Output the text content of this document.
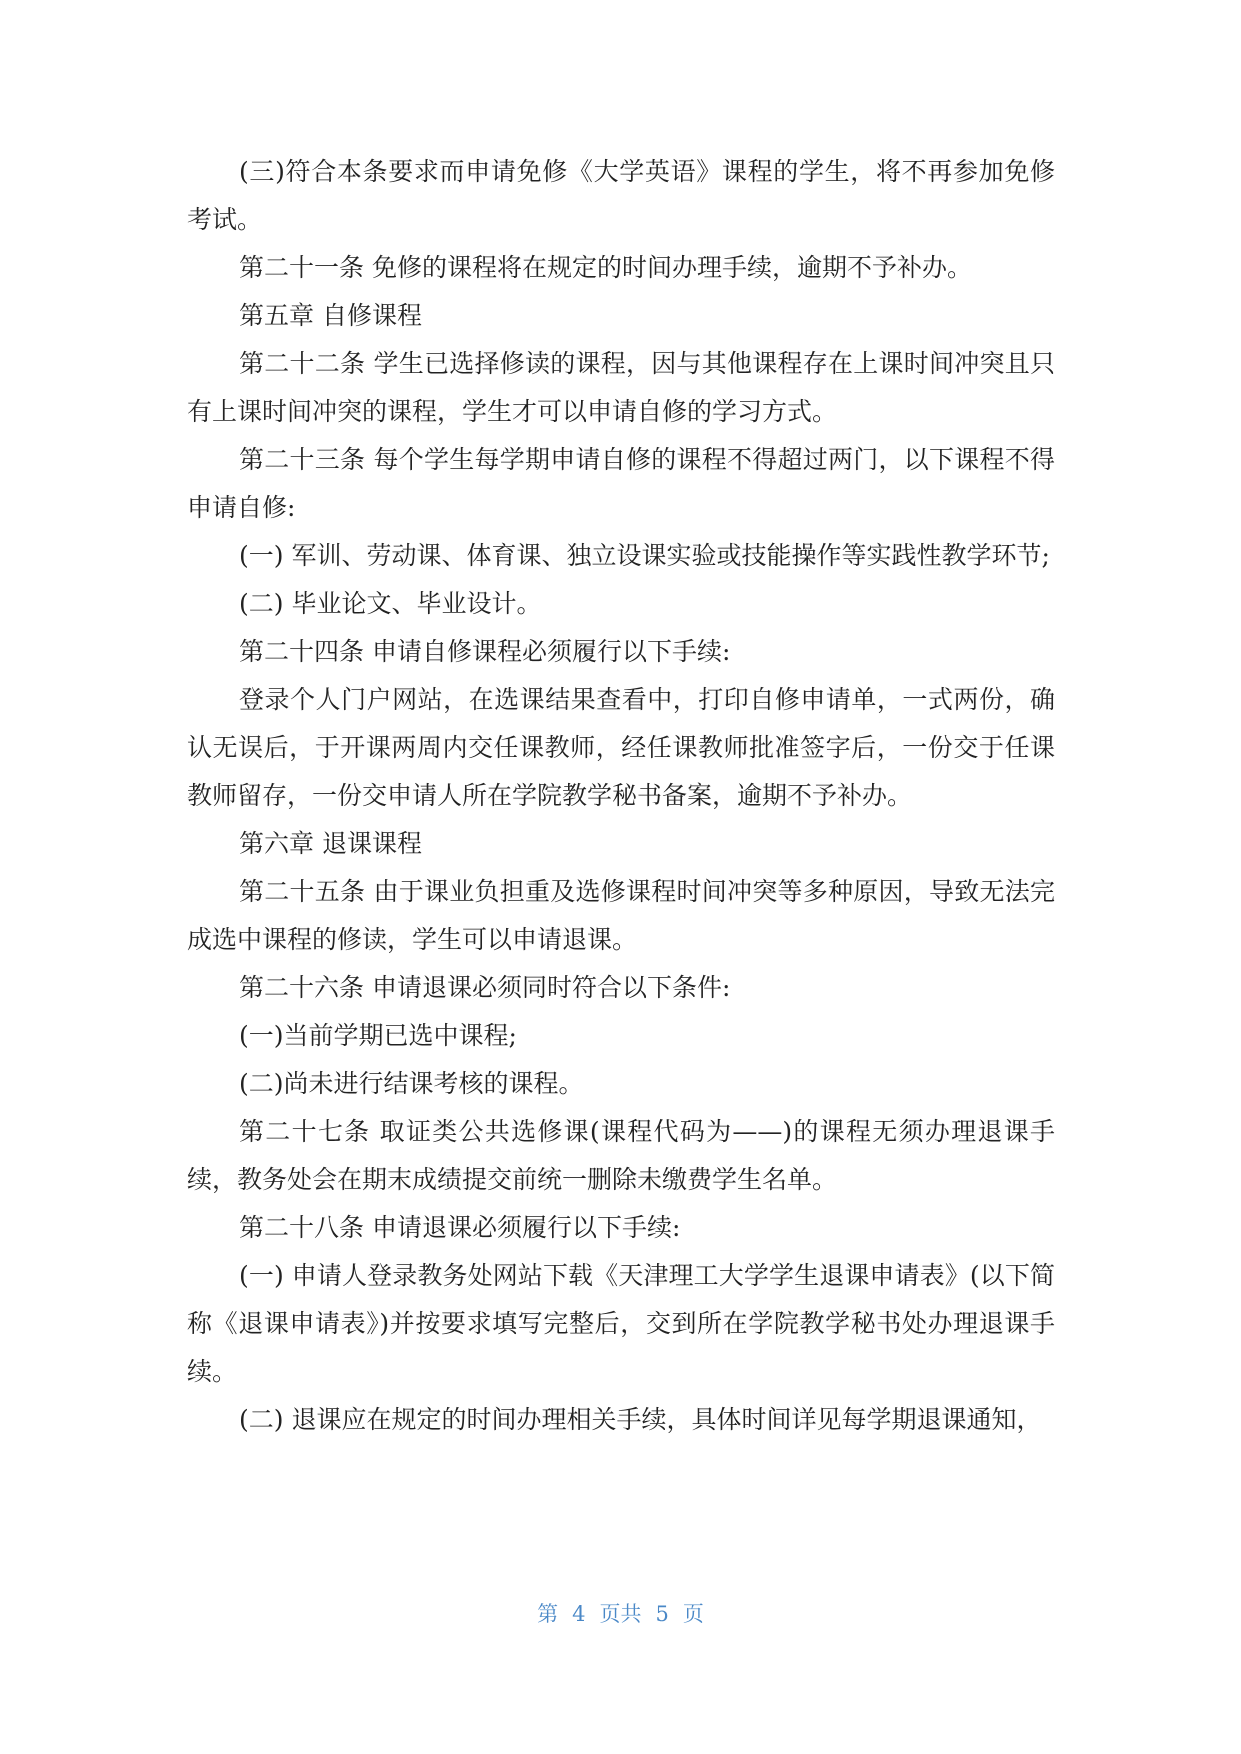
(三)符合本条要求而申请免修《大学英语》课程的学生，将不再参加免修考试。

第二十一条 免修的课程将在规定的时间办理手续，逾期不予补办。

第五章 自修课程

第二十二条 学生已选择修读的课程，因与其他课程存在上课时间冲突且只有上课时间冲突的课程，学生才可以申请自修的学习方式。

第二十三条 每个学生每学期申请自修的课程不得超过两门，以下课程不得申请自修:

(一) 军训、劳动课、体育课、独立设课实验或技能操作等实践性教学环节;

(二) 毕业论文、毕业设计。

第二十四条 申请自修课程必须履行以下手续:

登录个人门户网站，在选课结果查看中，打印自修申请单，一式两份，确认无误后，于开课两周内交任课教师，经任课教师批准签字后，一份交于任课教师留存，一份交申请人所在学院教学秘书备案，逾期不予补办。

第六章 退课课程

第二十五条 由于课业负担重及选修课程时间冲突等多种原因，导致无法完成选中课程的修读，学生可以申请退课。

第二十六条 申请退课必须同时符合以下条件:

(一)当前学期已选中课程;

(二)尚未进行结课考核的课程。

第二十七条 取证类公共选修课(课程代码为——)的课程无须办理退课手续，教务处会在期末成绩提交前统一删除未缴费学生名单。

第二十八条 申请退课必须履行以下手续:

(一) 申请人登录教务处网站下载《天津理工大学学生退课申请表》(以下简称《退课申请表》)并按要求填写完整后，交到所在学院教学秘书处办理退课手续。

(二) 退课应在规定的时间办理相关手续，具体时间详见每学期退课通知，

第 4 页共 5 页
